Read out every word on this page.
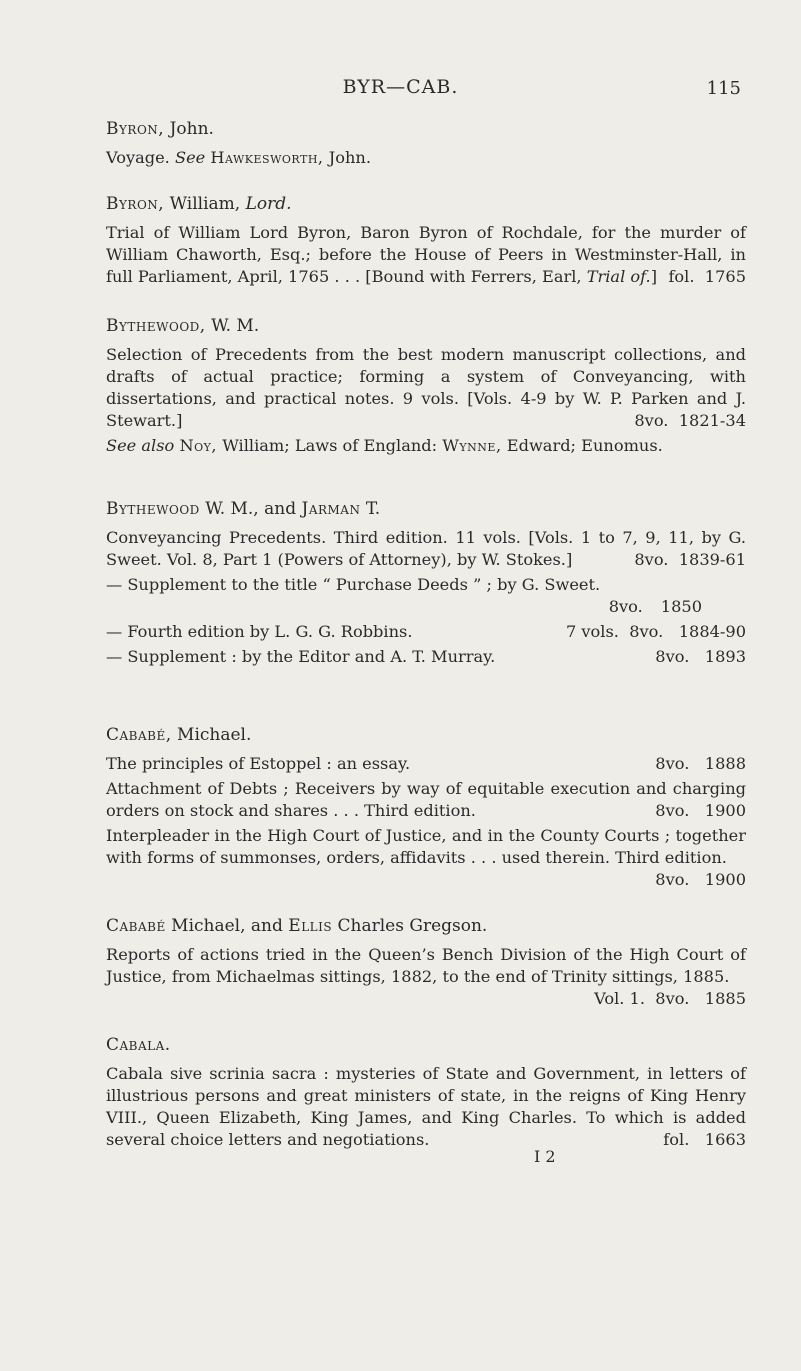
BYR—CAB.	115
Byron, John.

Voyage. See Hawkesworth, John.

Byron, William, Lord.

Trial of William Lord Byron, Baron Byron of Rochdale, for the murder of William Chaworth, Esq.; before the House of Peers in Westminster-Hall, in full Parliament, April, 1765 . . . [Bound with Ferrers, Earl, Trial of.] fol. 1765

Bythewood, W. M.

Selection of Precedents from the best modern manuscript collections, and drafts of actual practice; forming a system of Conveyancing, with dissertations, and practical notes. 9 vols. [Vols. 4-9 by W. P. Parken and J. Stewart.]	8vo. 1821-34

See also Noy, William; Laws of England: Wynne, Edward; Eunomus.

Bythewood W. M., and Jarman T.

Conveyancing Precedents. Third edition. 11 vols. [Vols. 1 to 7, 9, 11, by G. Sweet. Vol. 8, Part 1 (Powers of Attorney), by W. Stokes.]	8vo. 1839-61

— Supplement to the title “ Purchase Deeds ” ; by G. Sweet.

8vo. 1850

— Fourth edition by L. G. G. Robbins.	7 vols. 8vo. 1884-90

— Supplement : by the Editor and A. T. Murray.	8vo. 1893

Cababé, Michael.

The principles of Estoppel : an essay.	8vo. 1888

Attachment of Debts ; Receivers by way of equitable execution and charging orders on stock and shares . . . Third edition.	8vo. 1900

Interpleader in the High Court of Justice, and in the County Courts ; together with forms of summonses, orders, affidavits . . . used therein. Third edition.
8vo. 1900

Cababé Michael, and Ellis Charles Gregson.

Reports of actions tried in the Queen’s Bench Division of the High Court of Justice, from Michaelmas sittings, 1882, to the end of Trinity sittings, 1885.
Vol. 1. 8vo. 1885

Cabala.

Cabala sive scrinia sacra : mysteries of State and Government, in letters of illustrious persons and great ministers of state, in the reigns of King Henry VIII., Queen Elizabeth, King James, and King Charles. To which is added several choice letters and negotiations.	fol. 1663

I 2
